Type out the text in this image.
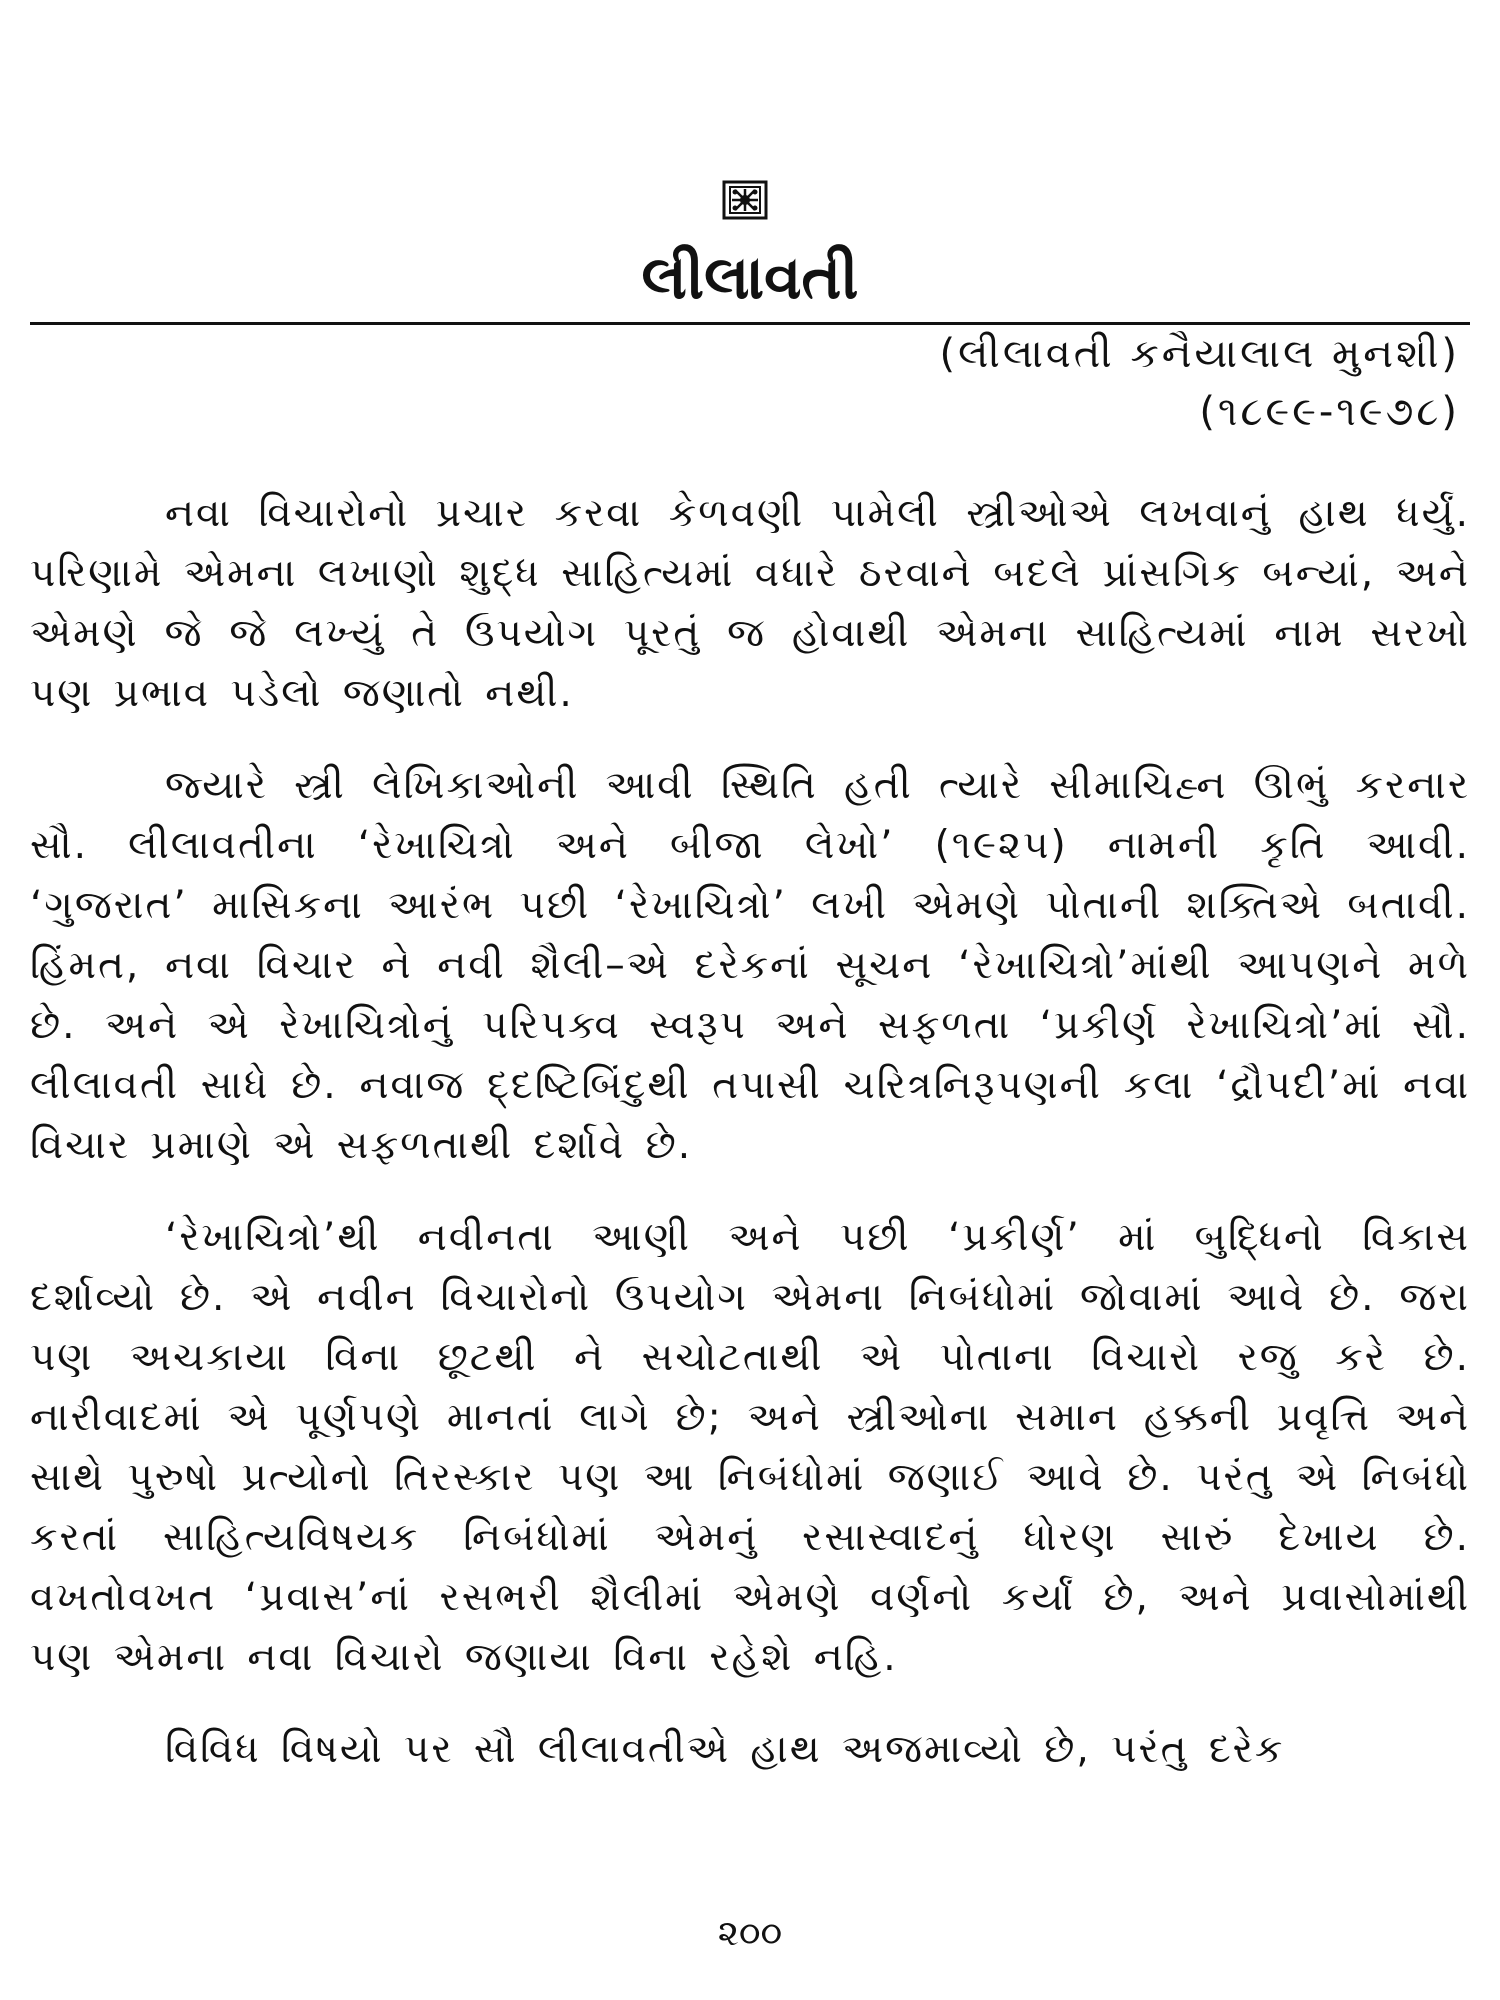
લીલાવતી

(લીલાવતી કનૈયાલાલ મુનશી)

(૧૮૯૯-૧૯૭૮)

નવા વિચારોનો પ્રચાર કરવા કેળવણી પામેલી સ્ત્રીઓએ લખવાનું હાથ ધર્યું. પરિણામે એમના લખાણો શુદ્ધ સાહિત્યમાં વધારે ઠરવાને બદલે પ્રાંસગિક બન્યાં, અને એમણે જે જે લખ્યું તે ઉપયોગ પૂરતું જ હોવાથી એમના સાહિત્યમાં નામ સરખો પણ પ્રભાવ પડેલો જણાતો નથી.

જ્યારે સ્ત્રી લેખિકાઓની આવી સ્થિતિ હતી ત્યારે સીમાચિહ્ન ઊભું કરનાર સૌ. લીલાવતીના ‘રેખાચિત્રો અને બીજા લેખો’ (૧૯૨૫) નામની કૃતિ આવી. ‘ગુજરાત’ માસિકના આરંભ પછી ‘રેખાચિત્રો’ લખી એમણે પોતાની શક્તિએ બતાવી. હિંમત, નવા વિચાર ને નવી શૈલી–એ દરેકનાં સૂચન ‘રેખાચિત્રો’માંથી આપણને મળે છે. અને એ રેખાચિત્રોનું પરિપક્વ સ્વરૂપ અને સફળતા ‘પ્રકીર્ણ રેખાચિત્રો’માં સૌ. લીલાવતી સાધે છે. નવાજ દ્દષ્ટિબિંદુથી તપાસી ચરિત્રનિરૂપણની કલા ‘દ્રૌપદી’માં નવા વિચાર પ્રમાણે એ સફળતાથી દર્શાવે છે.

‘રેખાચિત્રો’થી નવીનતા આણી અને પછી ‘પ્રકીર્ણ’ માં બુદ્ધિનો વિકાસ દર્શાવ્યો છે. એ નવીન વિચારોનો ઉપયોગ એમના નિબંધોમાં જોવામાં આવે છે. જરા પણ અચકાયા વિના છૂટથી ને સચોટતાથી એ પોતાના વિચારો રજુ કરે છે. નારીવાદમાં એ પૂર્ણપણે માનતાં લાગે છે; અને સ્ત્રીઓના સમાન હક્કની પ્રવૃત્તિ અને સાથે પુરુષો પ્રત્યોનો તિરસ્કાર પણ આ નિબંધોમાં જણાઈ આવે છે. પરંતુ એ નિબંધો કરતાં સાહિત્યવિષયક નિબંધોમાં એમનું રસાસ્વાદનું ધોરણ સારું દેખાય છે. વખતોવખત ‘પ્રવાસ’નાં રસભરી શૈલીમાં એમણે વર્ણનો કર્યાં છે, અને પ્રવાસોમાંથી પણ એમના નવા વિચારો જણાયા વિના રહેશે નહિ.

વિવિધ વિષયો પર સૌ લીલાવતીએ હાથ અજમાવ્યો છે, પરંતુ દરેક

૨૦૦
